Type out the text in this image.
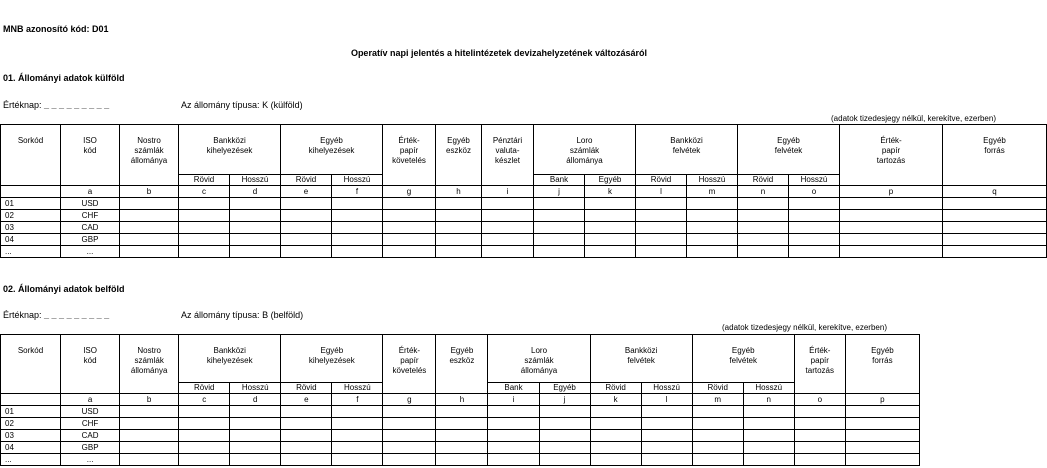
MNB azonosító kód: D01
Operatív napi jelentés a hitelintézetek devizahelyzetének változásáról
01. Állományi adatok külföld
Értéknap: _ _ _ _ _ _ _ _ _	Az állomány típusa: K (külföld)
(adatok tizedesjegy nélkül, kerekítve, ezerben)
Sorkód	ISO
kód	Nostro
számlák
állománya	Bankközi
kihelyezések		Egyéb
kihelyezések		Érték-
papír
követelés	Egyéb
eszköz	Pénztári
valuta-
készlet	Loro
számlák
állománya		Bankközi
felvétek		Egyéb
felvétek		Érték-
papír
tartozás	Egyéb
forrás

			Rövid	Hosszú	Rövid	Hosszú				Bank	Egyéb	Rövid	Hosszú	Rövid	Hosszú		
	a	b	c	d	e	f	g	h	i	j	k	l	m	n	o	p	q
01	USD																
02	CHF																
03	CAD																
04	GBP																
...	...																
02. Állományi adatok belföld
Értéknap: _ _ _ _ _ _ _ _ _	Az állomány típusa: B (belföld)
(adatok tizedesjegy nélkül, kerekítve, ezerben)
Sorkód	ISO
kód	Nostro
számlák
állománya	Bankközi
kihelyezések		Egyéb
kihelyezések		Érték-
papír
követelés	Egyéb
eszköz	Loro
számlák
állománya		Bankközi
felvétek		Egyéb
felvétek		Érték-
papír
tartozás	Egyéb
forrás

			Rövid	Hosszú	Rövid	Hosszú			Bank	Egyéb	Rövid	Hosszú	Rövid	Hosszú		
	a	b	c	d	e	f	g	h	i	j	k	l	m	n	o	p
01	USD															
02	CHF															
03	CAD															
04	GBP															
...	...															
